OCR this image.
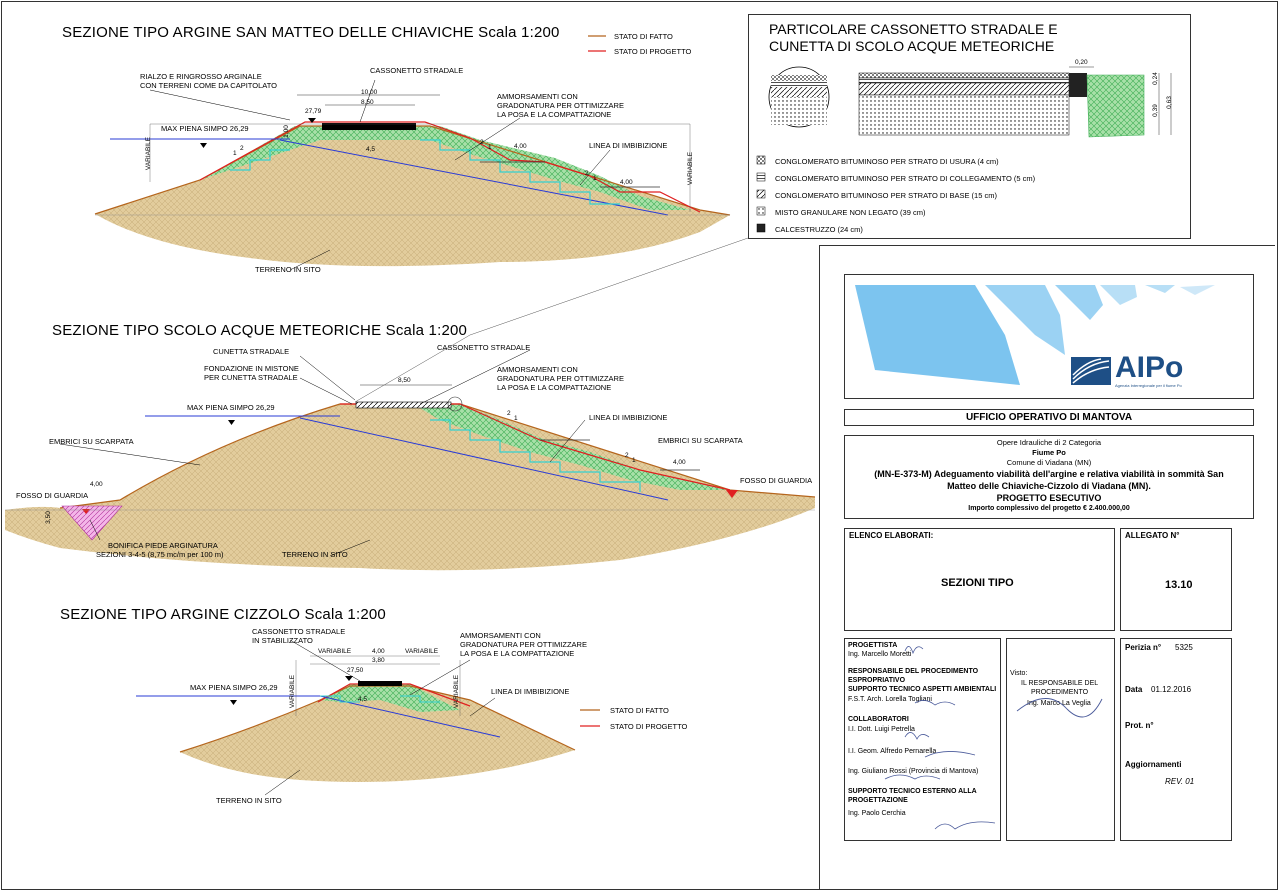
SEZIONE TIPO ARGINE SAN MATTEO DELLE CHIAVICHE Scala 1:200	STATO DI FATTO
STATO DI PROGETTO
RIALZO E RINGROSSO ARGINALE
CON TERRENI COME DA CAPITOLATO
CASSONETTO STRADALE
AMMORSAMENTI CON
GRADONATURA PER OTTIMIZZARE
LA POSA E LA COMPATTAZIONE
MAX PIENA SIMPO 26,29
LINEA DI IMBIBIZIONE
TERRENO IN SITO
VARIABILE	VARIABILE
27,79
10,00
8,50
4,00
4,00
4,5
2
1
2
1
2
1
1,00
PARTICOLARE CASSONETTO STRADALE E
CUNETTA DI SCOLO ACQUE METEORICHE
0,20
0,24
0,39
0,63
CONGLOMERATO BITUMINOSO PER STRATO DI USURA (4 cm)
CONGLOMERATO BITUMINOSO PER STRATO DI COLLEGAMENTO (5 cm)
CONGLOMERATO BITUMINOSO PER STRATO DI BASE (15 cm)
MISTO GRANULARE NON LEGATO (39 cm)
CALCESTRUZZO (24 cm)
SEZIONE TIPO SCOLO ACQUE METEORICHE Scala 1:200
CUNETTA STRADALE
FONDAZIONE IN MISTONE
PER CUNETTA STRADALE
CASSONETTO STRADALE
AMMORSAMENTI CON
GRADONATURA PER OTTIMIZZARE
LA POSA E LA COMPATTAZIONE
MAX PIENA SIMPO 26,29
LINEA DI IMBIBIZIONE
EMBRICI SU SCARPATA	EMBRICI SU SCARPATA
FOSSO DI GUARDIA
FOSSO DI GUARDIA
BONIFICA PIEDE ARGINATURA
SEZIONI 3-4-5 (8,75 mc/m per 100 m)	TERRENO IN SITO
8,50
4,00
4,00
3,50
2
1
2
1
SEZIONE TIPO ARGINE CIZZOLO Scala 1:200
CASSONETTO STRADALE
IN STABILIZZATO
AMMORSAMENTI CON
GRADONATURA PER OTTIMIZZARE
LA POSA E LA COMPATTAZIONE
MAX PIENA SIMPO 26,29	LINEA DI IMBIBIZIONE
TERRENO IN SITO
STATO DI FATTO
STATO DI PROGETTO
27,50
VARIABILE	4,00
3,80
VARIABILE
4,5
VARIABILE	VARIABILE
AIPo
Agenzia Interregionale per il fiume Po
UFFICIO OPERATIVO DI MANTOVA
Opere Idrauliche di 2 Categoria
Fiume Po
Comune di Viadana (MN)
(MN-E-373-M) Adeguamento viabilità dell'argine e relativa viabilità in sommità San
Matteo delle Chiaviche-Cizzolo di Viadana (MN).
PROGETTO ESECUTIVO
Importo complessivo del progetto € 2.400.000,00
ELENCO ELABORATI:
SEZIONI TIPO
ALLEGATO N°
13.10
PROGETTISTA
Ing. Marcello Moretti
RESPONSABILE DEL PROCEDIMENTO
ESPROPRIATIVO
SUPPORTO TECNICO ASPETTI AMBIENTALI
F.S.T. Arch. Lorella Togliani
COLLABORATORI
I.I. Dott. Luigi Petrella
I.I. Geom. Alfredo Pernarella
Ing. Giuliano Rossi (Provincia di Mantova)
SUPPORTO TECNICO ESTERNO ALLA
PROGETTAZIONE
Ing. Paolo Cerchia
Visto:
IL RESPONSABILE DEL
PROCEDIMENTO
Ing. Marco La Veglia
Perizia n° 5325
Data 01.12.2016
Prot. n°
Aggiornamenti
REV. 01
